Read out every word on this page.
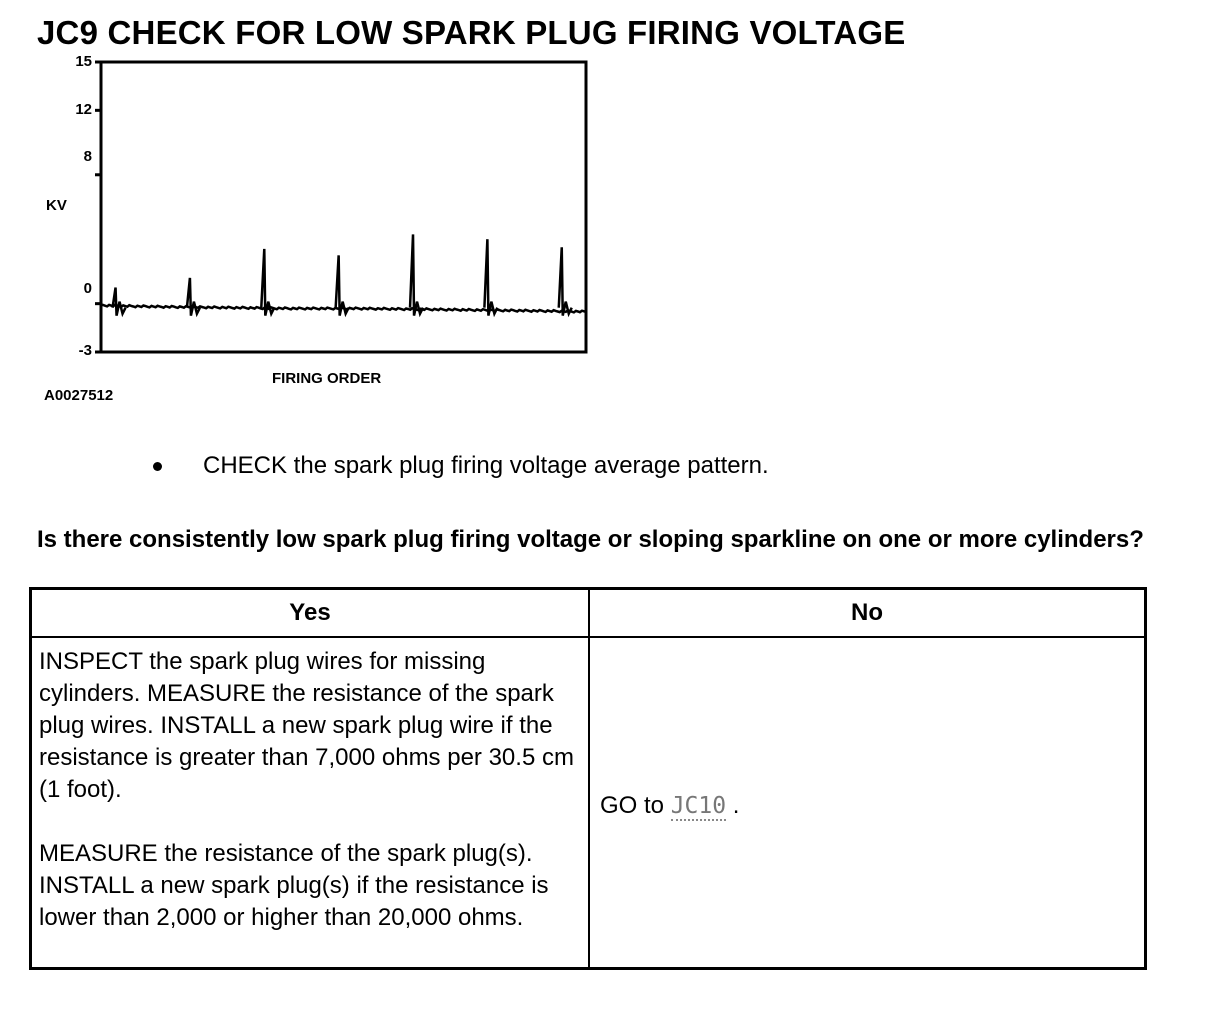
JC9 CHECK FOR LOW SPARK PLUG FIRING VOLTAGE
15
12
8
0
-3
KV
FIRING ORDER
A0027512
CHECK the spark plug firing voltage average pattern.
Is there consistently low spark plug firing voltage or sloping sparkline on one or more cylinders?
Yes	No

INSPECT the spark plug wires for missing cylinders. MEASURE the resistance of the spark plug wires. INSTALL a new spark plug wire if the resistance is greater than 7,000 ohms per 30.5 cm (1 foot).

MEASURE the resistance of the spark plug(s). INSTALL a new spark plug(s) if the resistance is lower than 2,000 or higher than 20,000 ohms.

GO to JC10 .
